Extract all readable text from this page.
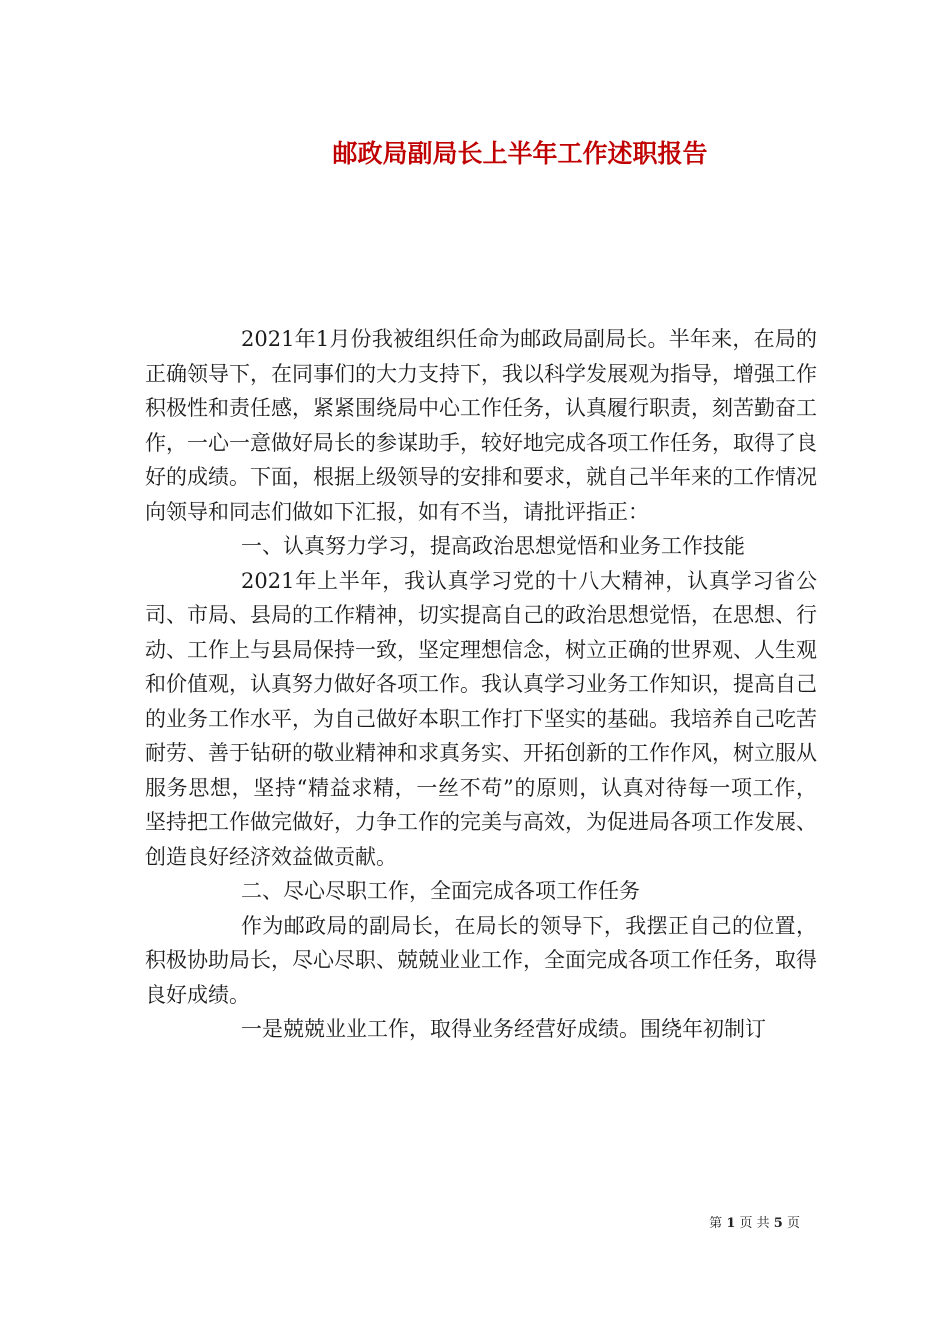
邮政局副局长上半年工作述职报告

2021年1月份我被组织任命为邮政局副局长。半年来，在局的正确领导下，在同事们的大力支持下，我以科学发展观为指导，增强工作积极性和责任感，紧紧围绕局中心工作任务，认真履行职责，刻苦勤奋工作，一心一意做好局长的参谋助手，较好地完成各项工作任务，取得了良好的成绩。下面，根据上级领导的安排和要求，就自己半年来的工作情况向领导和同志们做如下汇报，如有不当，请批评指正：

一、认真努力学习，提高政治思想觉悟和业务工作技能

2021年上半年，我认真学习党的十八大精神，认真学习省公司、市局、县局的工作精神，切实提高自己的政治思想觉悟，在思想、行动、工作上与县局保持一致，坚定理想信念，树立正确的世界观、人生观和价值观，认真努力做好各项工作。我认真学习业务工作知识，提高自己的业务工作水平，为自己做好本职工作打下坚实的基础。我培养自己吃苦耐劳、善于钻研的敬业精神和求真务实、开拓创新的工作作风，树立服从服务思想，坚持“精益求精，一丝不苟”的原则，认真对待每一项工作，坚持把工作做完做好，力争工作的完美与高效，为促进局各项工作发展、创造良好经济效益做贡献。

二、尽心尽职工作，全面完成各项工作任务

作为邮政局的副局长，在局长的领导下，我摆正自己的位置，积极协助局长，尽心尽职、兢兢业业工作，全面完成各项工作任务，取得良好成绩。

一是兢兢业业工作，取得业务经营好成绩。围绕年初制订

第 1 页 共 5 页
